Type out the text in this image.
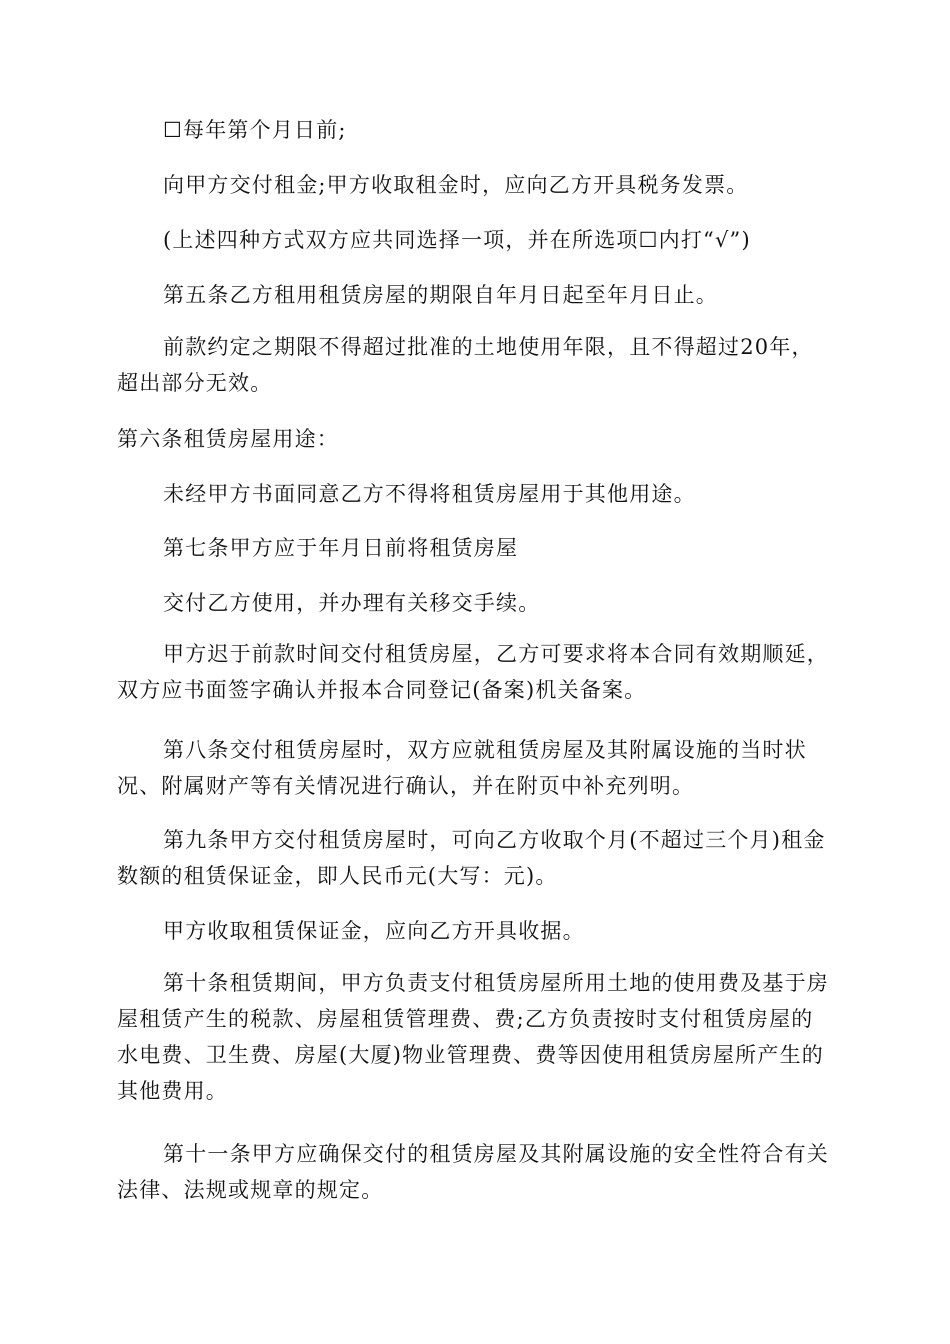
☐每年第个月日前;

向甲方交付租金;甲方收取租金时，应向乙方开具税务发票。

(上述四种方式双方应共同选择一项，并在所选项☐内打“√”)

第五条乙方租用租赁房屋的期限自年月日起至年月日止。

前款约定之期限不得超过批准的土地使用年限，且不得超过20年，超出部分无效。

第六条租赁房屋用途：

未经甲方书面同意乙方不得将租赁房屋用于其他用途。

第七条甲方应于年月日前将租赁房屋

交付乙方使用，并办理有关移交手续。

甲方迟于前款时间交付租赁房屋，乙方可要求将本合同有效期顺延，双方应书面签字确认并报本合同登记(备案)机关备案。

第八条交付租赁房屋时，双方应就租赁房屋及其附属设施的当时状况、附属财产等有关情况进行确认，并在附页中补充列明。

第九条甲方交付租赁房屋时，可向乙方收取个月(不超过三个月)租金数额的租赁保证金，即人民币元(大写：元)。

甲方收取租赁保证金，应向乙方开具收据。

第十条租赁期间，甲方负责支付租赁房屋所用土地的使用费及基于房屋租赁产生的税款、房屋租赁管理费、费;乙方负责按时支付租赁房屋的水电费、卫生费、房屋(大厦)物业管理费、费等因使用租赁房屋所产生的其他费用。

第十一条甲方应确保交付的租赁房屋及其附属设施的安全性符合有关法律、法规或规章的规定。
